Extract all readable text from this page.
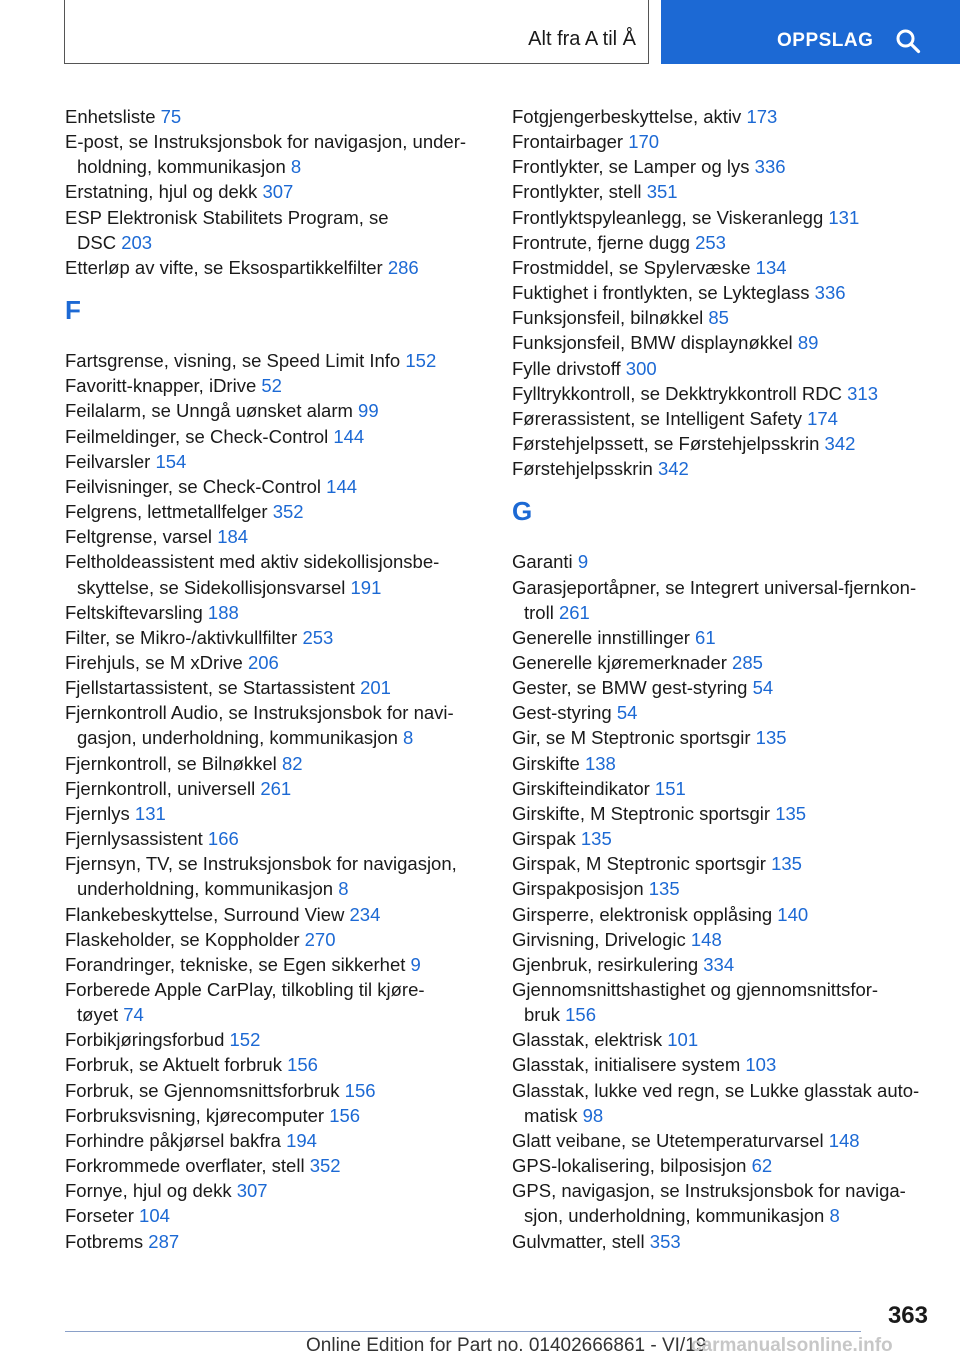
Alt fra A til Å	OPPSLAG
Enhetsliste 75
E-post, se Instruksjonsbok for navigasjon, under-
holdning, kommunikasjon 8
Erstatning, hjul og dekk 307
ESP Elektronisk Stabilitets Program, se
DSC 203
Etterløp av vifte, se Eksospartikkelfilter 286
F
Fartsgrense, visning, se Speed Limit Info 152
Favoritt-knapper, iDrive 52
Feilalarm, se Unngå uønsket alarm 99
Feilmeldinger, se Check-Control 144
Feilvarsler 154
Feilvisninger, se Check-Control 144
Felgrens, lettmetallfelger 352
Feltgrense, varsel 184
Feltholdeassistent med aktiv sidekollisjonsbe-
skyttelse, se Sidekollisjonsvarsel 191
Feltskiftevarsling 188
Filter, se Mikro-/aktivkullfilter 253
Firehjuls, se M xDrive 206
Fjellstartassistent, se Startassistent 201
Fjernkontroll Audio, se Instruksjonsbok for navi-
gasjon, underholdning, kommunikasjon 8
Fjernkontroll, se Bilnøkkel 82
Fjernkontroll, universell 261
Fjernlys 131
Fjernlysassistent 166
Fjernsyn, TV, se Instruksjonsbok for navigasjon,
underholdning, kommunikasjon 8
Flankebeskyttelse, Surround View 234
Flaskeholder, se Koppholder 270
Forandringer, tekniske, se Egen sikkerhet 9
Forberede Apple CarPlay, tilkobling til kjøre-
tøyet 74
Forbikjøringsforbud 152
Forbruk, se Aktuelt forbruk 156
Forbruk, se Gjennomsnittsforbruk 156
Forbruksvisning, kjørecomputer 156
Forhindre påkjørsel bakfra 194
Forkrommede overflater, stell 352
Fornye, hjul og dekk 307
Forseter 104
Fotbrems 287
Fotgjengerbeskyttelse, aktiv 173
Frontairbager 170
Frontlykter, se Lamper og lys 336
Frontlykter, stell 351
Frontlyktspyleanlegg, se Viskeranlegg 131
Frontrute, fjerne dugg 253
Frostmiddel, se Spylervæske 134
Fuktighet i frontlykten, se Lykteglass 336
Funksjonsfeil, bilnøkkel 85
Funksjonsfeil, BMW displaynøkkel 89
Fylle drivstoff 300
Fylltrykkontroll, se Dekktrykkontroll RDC 313
Førerassistent, se Intelligent Safety 174
Førstehjelpssett, se Førstehjelpsskrin 342
Førstehjelpsskrin 342
G
Garanti 9
Garasjeportåpner, se Integrert universal-fjernkon-
troll 261
Generelle innstillinger 61
Generelle kjøremerknader 285
Gester, se BMW gest-styring 54
Gest-styring 54
Gir, se M Steptronic sportsgir 135
Girskifte 138
Girskifteindikator 151
Girskifte, M Steptronic sportsgir 135
Girspak 135
Girspak, M Steptronic sportsgir 135
Girspakposisjon 135
Girsperre, elektronisk opplåsing 140
Girvisning, Drivelogic 148
Gjenbruk, resirkulering 334
Gjennomsnittshastighet og gjennomsnittsfor-
bruk 156
Glasstak, elektrisk 101
Glasstak, initialisere system 103
Glasstak, lukke ved regn, se Lukke glasstak auto-
matisk 98
Glatt veibane, se Utetemperaturvarsel 148
GPS-lokalisering, bilposisjon 62
GPS, navigasjon, se Instruksjonsbok for naviga-
sjon, underholdning, kommunikasjon 8
Gulvmatter, stell 353
363
Online Edition for Part no. 01402666861 - VI/19
carmanualsonline.info
